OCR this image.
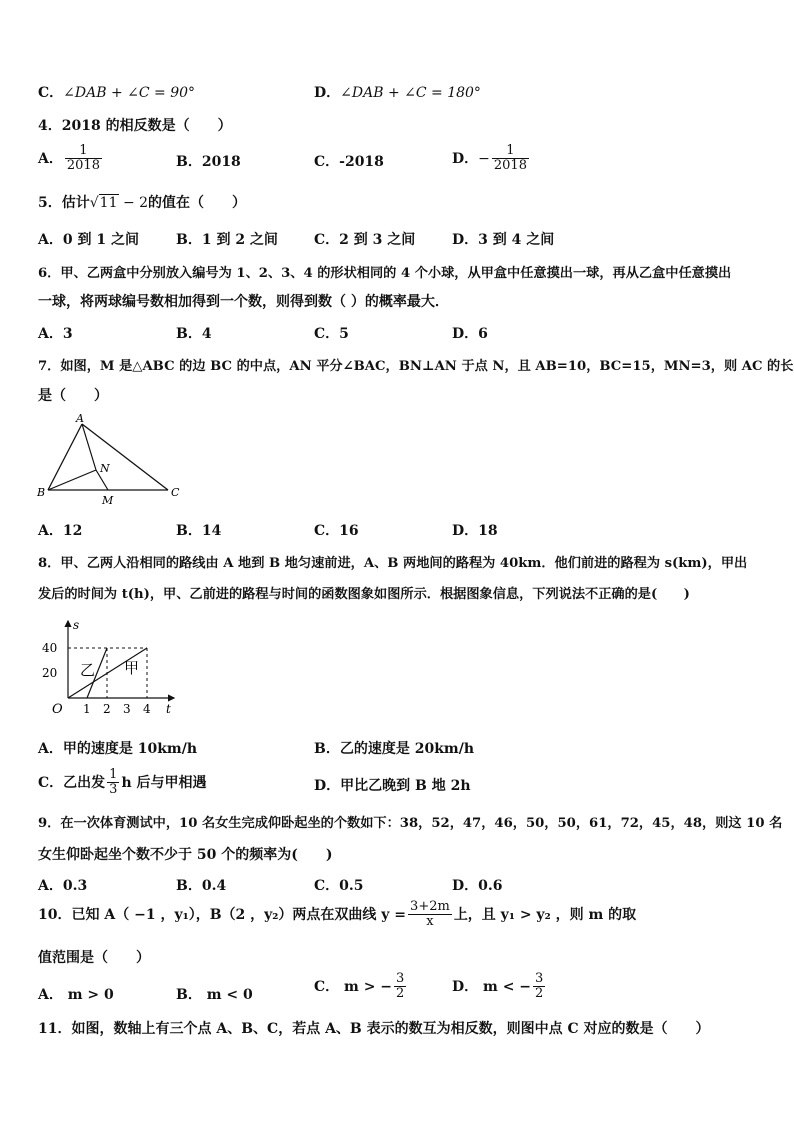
C．∠DAB + ∠C = 90°	D．∠DAB + ∠C = 180°
4．2018 的相反数是（　　）
A． $\frac{1}{2018}$	B．2018	C．-2018	D．− $\frac{1}{2018}$
5．估计√11 − 2的值在（　　）
A．0 到 1 之间	B．1 到 2 之间	C．2 到 3 之间	D．3 到 4 之间
6．甲、乙两盒中分别放入编号为 1、2、3、4 的形状相同的 4 个小球，从甲盒中任意摸出一球，再从乙盒中任意摸出
一球，将两球编号数相加得到一个数，则得到数（ ）的概率最大．
A．3	B．4	C．5	D．6
7．如图，M 是△ABC 的边 BC 的中点，AN 平分∠BAC，BN⊥AN 于点 N，且 AB=10，BC=15，MN=3，则 AC 的长
是（　　）
A
B	C
N
M
A．12	B．14	C．16	D．18
8．甲、乙两人沿相同的路线由 A 地到 B 地匀速前进，A、B 两地间的路程为 40km．他们前进的路程为 s(km)，甲出
发后的时间为 t(h)，甲、乙前进的路程与时间的函数图象如图所示．根据图象信息，下列说法不正确的是(　　)
40
20
O 1 2 3 4 t
s
乙 甲
A．甲的速度是 10km/h	B．乙的速度是 20km/h
C．乙出发 $\frac{1}{3}$ h 后与甲相遇	D．甲比乙晚到 B 地 2h
9．在一次体育测试中，10 名女生完成仰卧起坐的个数如下：38，52，47，46，50，50，61，72，45，48，则这 10 名
女生仰卧起坐个数不少于 50 个的频率为(　　)
A．0.3	B．0.4	C．0.5	D．0.6
10．已知 A（ −1 ，y₁），B（2 ，y₂）两点在双曲线 $y = \frac{3+2m}{x}$ 上，且 y₁ > y₂ ，则 m 的取
值范围是（　　）
A． m > 0	B． m < 0
C． m > − $\frac{3}{2}$	D． m < − $\frac{3}{2}$
11．如图，数轴上有三个点 A、B、C，若点 A、B 表示的数互为相反数，则图中点 C 对应的数是（　　）
